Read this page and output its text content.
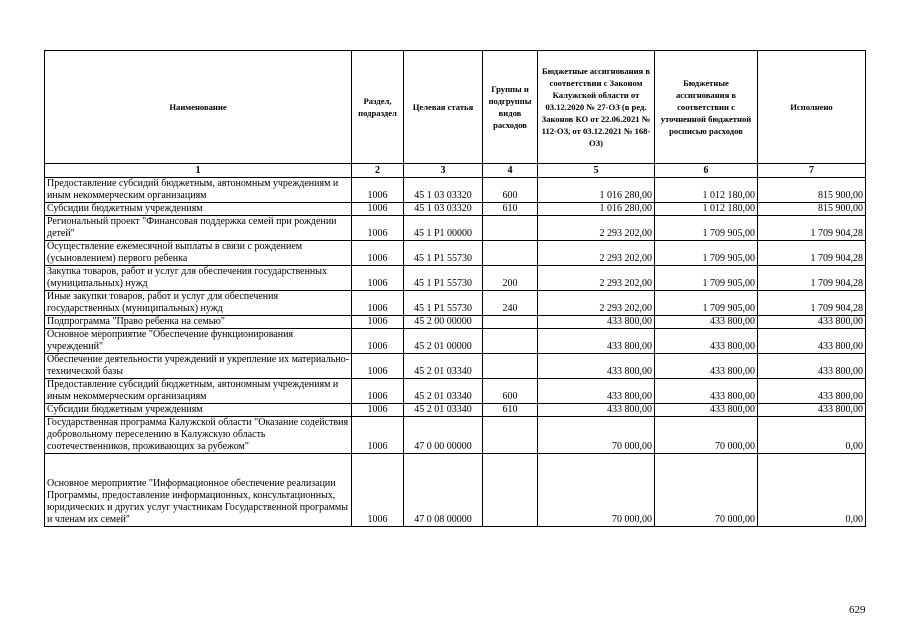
Наименование	Раздел, подраздел	Целевая статья	Группы и подгруппы видов расходов	Бюджетные ассигнования в соответствии с Законом Калужской области от 03.12.2020 № 27-ОЗ (в ред. Законов КО от 22.06.2021 № 112-ОЗ, от 03.12.2021 № 168-ОЗ)	Бюджетные ассигнования в соответствии с уточненной бюджетной росписью расходов	Исполнено
1	2	3	4	5	6	7
Предоставление субсидий бюджетным, автономным учреждениям и иным некоммерческим организациям	1006	45 1 03 03320	600	1 016 280,00	1 012 180,00	815 900,00
Субсидии бюджетным учреждениям	1006	45 1 03 03320	610	1 016 280,00	1 012 180,00	815 900,00
Региональный проект "Финансовая поддержка семей при рождении детей"	1006	45 1 P1 00000		2 293 202,00	1 709 905,00	1 709 904,28
Осуществление ежемесячной выплаты в связи с рождением (усыновлением) первого ребенка	1006	45 1 P1 55730		2 293 202,00	1 709 905,00	1 709 904,28
Закупка товаров, работ и услуг для обеспечения государственных (муниципальных) нужд	1006	45 1 P1 55730	200	2 293 202,00	1 709 905,00	1 709 904,28
Иные закупки товаров, работ и услуг для обеспечения государственных (муниципальных) нужд	1006	45 1 P1 55730	240	2 293 202,00	1 709 905,00	1 709 904,28
Подпрограмма "Право ребенка на семью"	1006	45 2 00 00000		433 800,00	433 800,00	433 800,00
Основное мероприятие "Обеспечение функционирования учреждений"	1006	45 2 01 00000		433 800,00	433 800,00	433 800,00
Обеспечение деятельности учреждений и укрепление их материально-технической базы	1006	45 2 01 03340		433 800,00	433 800,00	433 800,00
Предоставление субсидий бюджетным, автономным учреждениям и иным некоммерческим организациям	1006	45 2 01 03340	600	433 800,00	433 800,00	433 800,00
Субсидии бюджетным учреждениям	1006	45 2 01 03340	610	433 800,00	433 800,00	433 800,00
Государственная программа Калужской области "Оказание содействия добровольному переселению в Калужскую область соотечественников, проживающих за рубежом"	1006	47 0 00 00000		70 000,00	70 000,00	0,00
Основное мероприятие "Информационное обеспечение реализации Программы, предоставление информационных, консультационных, юридических и других услуг участникам Государственной программы и членам их семей"	1006	47 0 08 00000		70 000,00	70 000,00	0,00
629
